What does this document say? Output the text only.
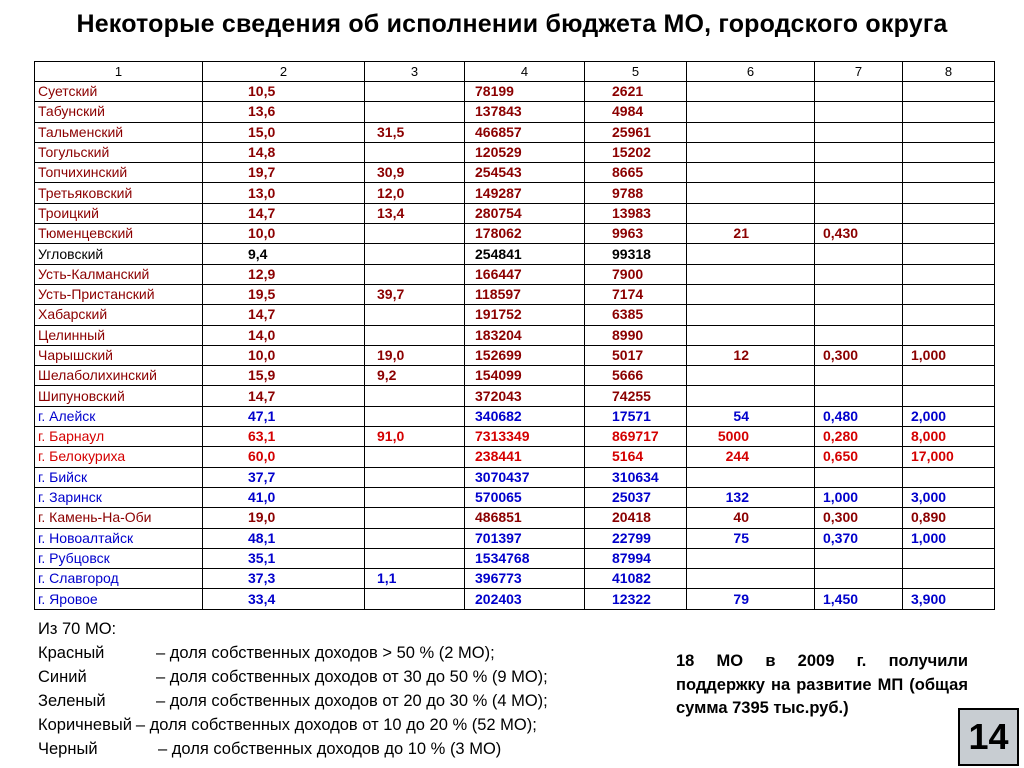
Некоторые сведения об исполнении бюджета МО, городского округа
1	2	3	4	5	6	7	8
Суетский	10,5		78199	2621			
Табунский	13,6		137843	4984			
Тальменский	15,0	31,5	466857	25961			
Тогульский	14,8		120529	15202			
Топчихинский	19,7	30,9	254543	8665			
Третьяковский	13,0	12,0	149287	9788			
Троицкий	14,7	13,4	280754	13983			
Тюменцевский	10,0		178062	9963	21	0,430	
Угловский	9,4		254841	99318			
Усть-Калманский	12,9		166447	7900			
Усть-Пристанский	19,5	39,7	118597	7174			
Хабарский	14,7		191752	6385			
Целинный	14,0		183204	8990			
Чарышский	10,0	19,0	152699	5017	12	0,300	1,000
Шелаболихинский	15,9	9,2	154099	5666			
Шипуновский	14,7		372043	74255			
г. Алейск	47,1		340682	17571	54	0,480	2,000
г. Барнаул	63,1	91,0	7313349	869717	5000	0,280	8,000
г. Белокуриха	60,0		238441	5164	244	0,650	17,000
г. Бийск	37,7		3070437	310634			
г. Заринск	41,0		570065	25037	132	1,000	3,000
г. Камень-На-Оби	19,0		486851	20418	40	0,300	0,890
г. Новоалтайск	48,1		701397	22799	75	0,370	1,000
г. Рубцовск	35,1		1534768	87994			
г. Славгород	37,3	1,1	396773	41082			
г. Яровое	33,4		202403	12322	79	1,450	3,900
Из 70 МО:
Красный	– доля собственных доходов > 50 % (2 МО);
Синий	– доля собственных доходов от 30 до 50 % (9 МО);
Зеленый	– доля собственных доходов от 20 до 30 % (4 МО);
Коричневый – доля собственных доходов от 10 до 20 % (52 МО);
Черный	– доля собственных доходов до 10 % (3 МО)
18 МО в 2009 г. получили поддержку на развитие МП (общая сумма 7395 тыс.руб.)
14
